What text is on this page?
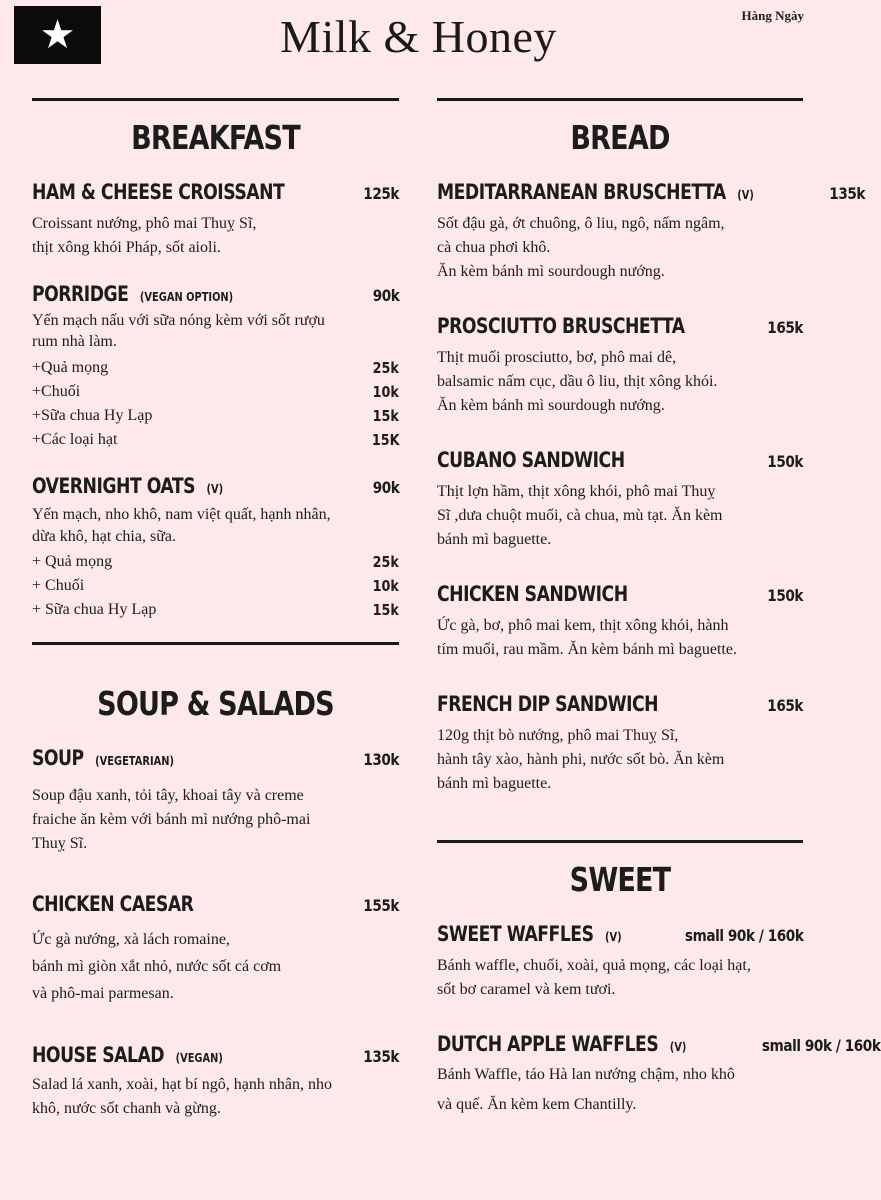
★	Milk & Honey	Hàng Ngày
BREAKFAST
HAM & CHEESE CROISSANT	125k
Croissant nướng, phô mai Thuỵ Sĩ,
thịt xông khói Pháp, sốt aioli.
PORRIDGE (VEGAN OPTION)	90k
Yến mạch nấu với sữa nóng kèm với sốt rượu
rum nhà làm.
+Quả mọng	25k
+Chuối	10k
+Sữa chua Hy Lạp	15k
+Các loại hạt	15K
OVERNIGHT OATS (V)	90k
Yến mạch, nho khô, nam việt quất, hạnh nhân,
dừa khô, hạt chia, sữa.
+ Quả mọng	25k
+ Chuối	10k
+ Sữa chua Hy Lạp	15k
SOUP & SALADS
SOUP (VEGETARIAN)	130k
Soup đậu xanh, tỏi tây, khoai tây và creme
fraiche ăn kèm với bánh mì nướng phô-mai
Thuỵ Sĩ.
CHICKEN CAESAR	155k
Ức gà nướng, xà lách romaine,
bánh mì giòn xắt nhỏ, nước sốt cá cơm
và phô-mai parmesan.
HOUSE SALAD (VEGAN)	135k
Salad lá xanh, xoài, hạt bí ngô, hạnh nhân, nho
khô, nước sốt chanh và gừng.
BREAD
MEDITARRANEAN BRUSCHETTA (V)	135k
Sốt đậu gà, ớt chuông, ô liu, ngô, nấm ngâm,
cà chua phơi khô.
Ăn kèm bánh mì sourdough nướng.
PROSCIUTTO BRUSCHETTA	165k
Thịt muối prosciutto, bơ, phô mai dê,
balsamic nấm cục, dầu ô liu, thịt xông khói.
Ăn kèm bánh mì sourdough nướng.
CUBANO SANDWICH	150k
Thịt lợn hầm, thịt xông khói, phô mai Thuỵ
Sĩ ,dưa chuột muối, cà chua, mù tạt. Ăn kèm
bánh mì baguette.
CHICKEN SANDWICH	150k
Ức gà, bơ, phô mai kem, thịt xông khói, hành
tím muối, rau mầm. Ăn kèm bánh mì baguette.
FRENCH DIP SANDWICH	165k
120g thịt bò nướng, phô mai Thuỵ Sĩ,
hành tây xào, hành phi, nước sốt bò. Ăn kèm
bánh mì baguette.
SWEET
SWEET WAFFLES (V)	small 90k / 160k
Bánh waffle, chuối, xoài, quả mọng, các loại hạt,
sốt bơ caramel và kem tươi.
DUTCH APPLE WAFFLES (V)	small 90k / 160k
Bánh Waffle, táo Hà lan nướng chậm, nho khô
và quế. Ăn kèm kem Chantilly.
